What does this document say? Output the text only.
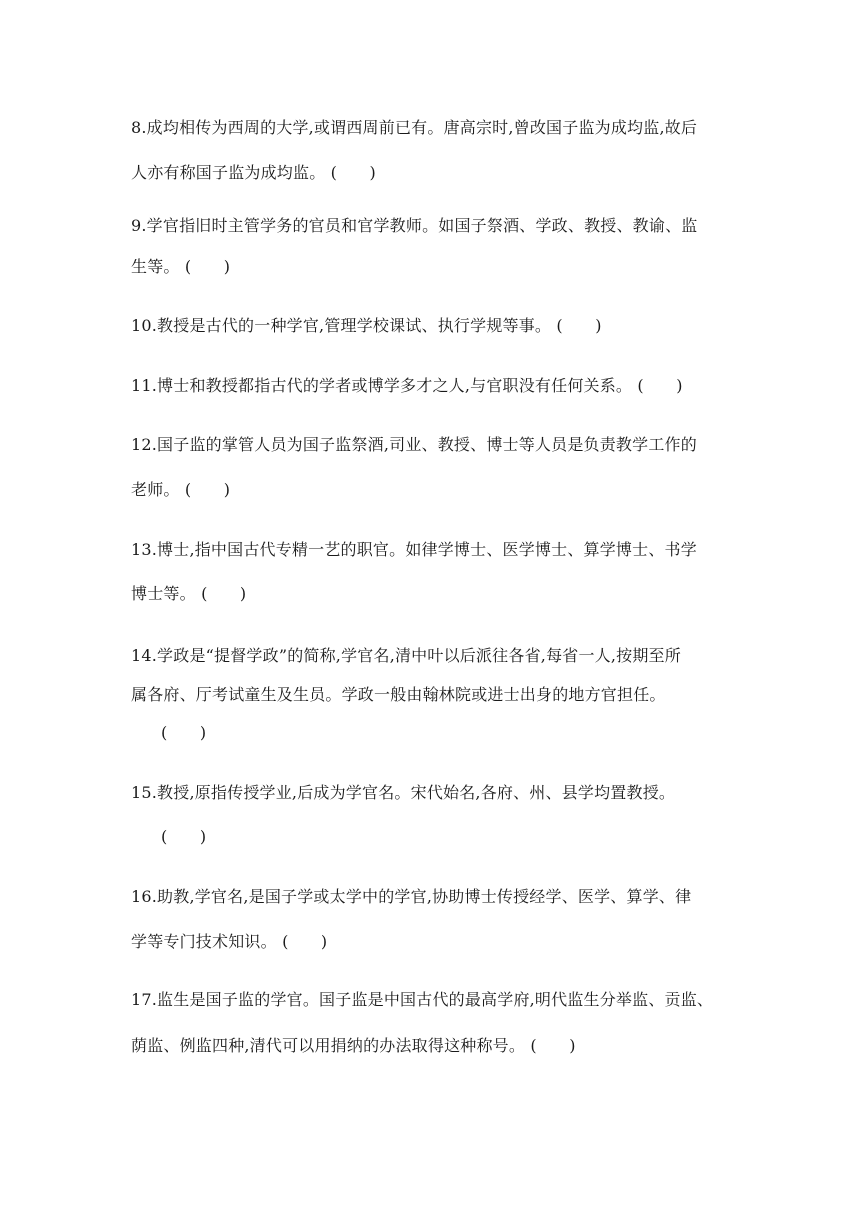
8.成均相传为西周的大学,或谓西周前已有。唐高宗时,曾改国子监为成均监,故后
人亦有称国子监为成均监。 (　　)
9.学官指旧时主管学务的官员和官学教师。如国子祭酒、学政、教授、教谕、监
生等。 (　　)
10.教授是古代的一种学官,管理学校课试、执行学规等事。 (　　)
11.博士和教授都指古代的学者或博学多才之人,与官职没有任何关系。 (　　)
12.国子监的掌管人员为国子监祭酒,司业、教授、博士等人员是负责教学工作的
老师。 (　　)
13.博士,指中国古代专精一艺的职官。如律学博士、医学博士、算学博士、书学
博士等。 (　　)
14.学政是“提督学政”的简称,学官名,清中叶以后派往各省,每省一人,按期至所
属各府、厅考试童生及生员。学政一般由翰林院或进士出身的地方官担任。
(　　)
15.教授,原指传授学业,后成为学官名。宋代始名,各府、州、县学均置教授。
(　　)
16.助教,学官名,是国子学或太学中的学官,协助博士传授经学、医学、算学、律
学等专门技术知识。 (　　)
17.监生是国子监的学官。国子监是中国古代的最高学府,明代监生分举监、贡监、
荫监、例监四种,清代可以用捐纳的办法取得这种称号。 (　　)
